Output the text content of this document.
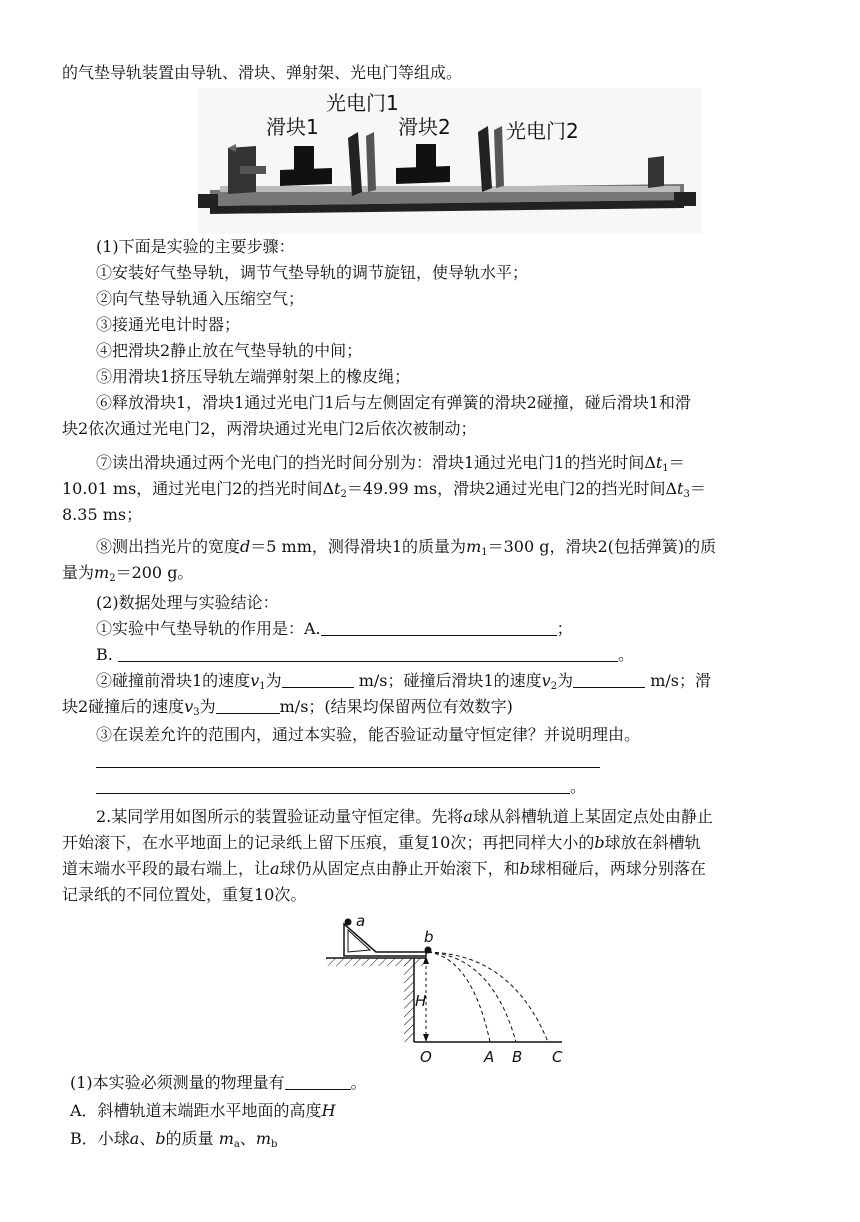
的气垫导轨装置由导轨、滑块、弹射架、光电门等组成。
光电门1
滑块1	滑块2	光电门2
(1)下面是实验的主要步骤：
①安装好气垫导轨，调节气垫导轨的调节旋钮，使导轨水平；
②向气垫导轨通入压缩空气；
③接通光电计时器；
④把滑块2静止放在气垫导轨的中间；
⑤用滑块1挤压导轨左端弹射架上的橡皮绳；
⑥释放滑块1，滑块1通过光电门1后与左侧固定有弹簧的滑块2碰撞，碰后滑块1和滑
块2依次通过光电门2，两滑块通过光电门2后依次被制动；
⑦读出滑块通过两个光电门的挡光时间分别为：滑块1通过光电门1的挡光时间$\Delta t_1=$
10.01 ms，通过光电门2的挡光时间$\Delta t_2=49.99$ ms，滑块2通过光电门2的挡光时间$\Delta t_3=$
8.35 ms；
⑧测出挡光片的宽度d＝5 mm，测得滑块1的质量为$m_1=300$ g，滑块2(包括弹簧)的质
量为$m_2=200$ g。
(2)数据处理与实验结论：
①实验中气垫导轨的作用是：A.	；
B.	。
②碰撞前滑块1的速度$v_1$为	m/s；碰撞后滑块1的速度$v_2$为	m/s；滑
块2碰撞后的速度$v_3$为	m/s；(结果均保留两位有效数字)
③在误差允许的范围内，通过本实验，能否验证动量守恒定律？并说明理由。
。
2.某同学用如图所示的装置验证动量守恒定律。先将a球从斜槽轨道上某固定点处由静止
开始滚下，在水平地面上的记录纸上留下压痕，重复10次；再把同样大小的b球放在斜槽轨
道末端水平段的最右端上，让a球仍从固定点由静止开始滚下，和b球相碰后，两球分别落在
记录纸的不同位置处，重复10次。
a
b
H
O	A B C
(1)本实验必须测量的物理量有	。
A．斜槽轨道末端距水平地面的高度H
B．小球a、b的质量 $m_a$、$m_b$
